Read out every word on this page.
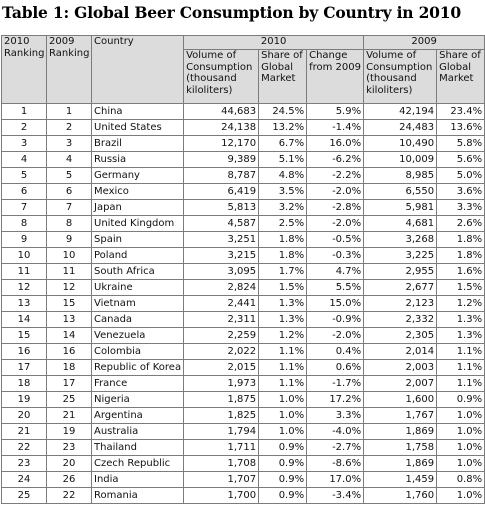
Table 1: Global Beer Consumption by Country in 2010
2010 Ranking	2009 Ranking	Country	2010			2009	

			Volume of Consumption (thousand kiloliters)	Share of Global Market	Change from 2009	Volume of Consumption (thousand kiloliters)	Share of Global Market

1	1	China	44,683	24.5%	5.9%	42,194	23.4%
2	2	United States	24,138	13.2%	-1.4%	24,483	13.6%
3	3	Brazil	12,170	6.7%	16.0%	10,490	5.8%
4	4	Russia	9,389	5.1%	-6.2%	10,009	5.6%
5	5	Germany	8,787	4.8%	-2.2%	8,985	5.0%
6	6	Mexico	6,419	3.5%	-2.0%	6,550	3.6%
7	7	Japan	5,813	3.2%	-2.8%	5,981	3.3%
8	8	United Kingdom	4,587	2.5%	-2.0%	4,681	2.6%
9	9	Spain	3,251	1.8%	-0.5%	3,268	1.8%
10	10	Poland	3,215	1.8%	-0.3%	3,225	1.8%
11	11	South Africa	3,095	1.7%	4.7%	2,955	1.6%
12	12	Ukraine	2,824	1.5%	5.5%	2,677	1.5%
13	15	Vietnam	2,441	1.3%	15.0%	2,123	1.2%
14	13	Canada	2,311	1.3%	-0.9%	2,332	1.3%
15	14	Venezuela	2,259	1.2%	-2.0%	2,305	1.3%
16	16	Colombia	2,022	1.1%	0.4%	2,014	1.1%
17	18	Republic of Korea	2,015	1.1%	0.6%	2,003	1.1%
18	17	France	1,973	1.1%	-1.7%	2,007	1.1%
19	25	Nigeria	1,875	1.0%	17.2%	1,600	0.9%
20	21	Argentina	1,825	1.0%	3.3%	1,767	1.0%
21	19	Australia	1,794	1.0%	-4.0%	1,869	1.0%
22	23	Thailand	1,711	0.9%	-2.7%	1,758	1.0%
23	20	Czech Republic	1,708	0.9%	-8.6%	1,869	1.0%
24	26	India	1,707	0.9%	17.0%	1,459	0.8%
25	22	Romania	1,700	0.9%	-3.4%	1,760	1.0%
